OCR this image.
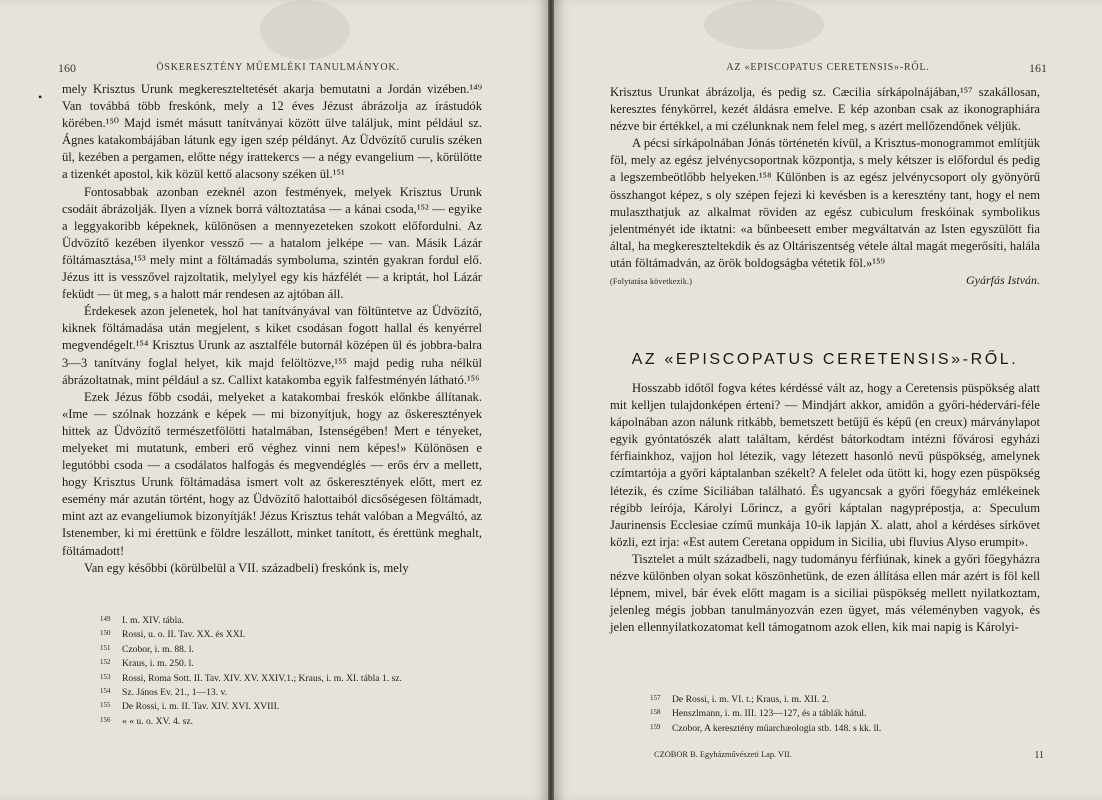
160	ÖSKERESZTÉNY MŰEMLÉKI TANULMÁNYOK.
•

mely Krisztus Urunk megkereszteltetését akarja bemutatni a Jordán vizében.¹⁴⁹ Van továbbá több freskónk, mely a 12 éves Jézust ábrázolja az írástudók körében.¹⁵⁰ Majd ismét másutt tanítványai között ülve találjuk, mint például sz. Ágnes katakombájában látunk egy igen szép példányt. Az Üdvözítő curulis széken ül, kezében a pergamen, előtte négy irattekercs — a négy evangelium —, körülötte a tizenkét apostol, kik közül kettő alacsony széken ül.¹⁵¹

Fontosabbak azonban ezeknél azon festmények, melyek Krisztus Urunk csodáit ábrázolják. Ilyen a víznek borrá változtatása — a kánai csoda,¹⁵² — egyike a leggyakoribb képeknek, különösen a mennyezeteken szokott előfordulni. Az Üdvözítő kezében ilyenkor vessző — a hatalom jelképe — van. Másik Lázár föltámasztása,¹⁵³ mely mint a föltámadás symboluma, szintén gyakran fordul elő. Jézus itt is vesszővel rajzoltatik, melylyel egy kis házfélét — a kriptát, hol Lázár feküdt — üt meg, s a halott már rendesen az ajtóban áll.

Érdekesek azon jelenetek, hol hat tanítványával van föltüntetve az Üdvözítő, kiknek föltámadása után megjelent, s kiket csodásan fogott hallal és kenyérrel megvendégelt.¹⁵⁴ Krisztus Urunk az asztalféle butornál középen ül és jobbra-balra 3—3 tanítvány foglal helyet, kik majd felöltözve,¹⁵⁵ majd pedig ruha nélkül ábrázoltatnak, mint például a sz. Callixt katakomba egyik falfestményén látható.¹⁵⁶

Ezek Jézus főbb csodái, melyeket a katakombai freskók előnkbe állítanak. «Ime — szólnak hozzánk e képek — mi bizonyítjuk, hogy az őskeresztények hittek az Üdvözítő természetfölötti hatalmában, Istenségében! Mert e tényeket, melyeket mi mutatunk, emberi erő véghez vinni nem képes!» Különösen e legutóbbi csoda — a csodálatos halfogás és megvendéglés — erős érv a mellett, hogy Krisztus Urunk föltámadása ismert volt az őskeresztények előtt, mert ez esemény már azután történt, hogy az Üdvözítő halottaiból dicsőségesen föltámadt, mint azt az evangeliumok bizonyítják! Jézus Krisztus tehát valóban a Megváltó, az Istenember, ki mi érettünk e földre leszállott, minket tanított, és érettünk meghalt, föltámadott!

Van egy későbbi (körülbelül a VII. századbeli) freskónk is, mely

149 I. m. XIV. tábla.
150 Rossi, u. o. II. Tav. XX. és XXI.
151 Czobor, i. m. 88. l.
152 Kraus, i. m. 250. l.
153 Rossi, Roma Sott. II. Tav. XIV. XV. XXIV.1.; Kraus, i. m. XI. tábla 1. sz.
154 Sz. János Ev. 21., 1—13. v.
155 De Rossi, i. m. II. Tav. XIV. XVI. XVIII.
156 « « u. o. XV. 4. sz.
AZ «EPISCOPATUS CERETENSIS»-RŐL.	161

Krisztus Urunkat ábrázolja, és pedig sz. Cæcilia sírkápolnájában,¹⁵⁷ szakállosan, keresztes fénykörrel, kezét áldásra emelve. E kép azonban csak az ikonographiára nézve bir értékkel, a mi czélunknak nem felel meg, s azért mellőzendőnek véljük.

A pécsi sírkápolnában Jónás történetén kívül, a Krisztus-monogrammot említjük föl, mely az egész jelvénycsoportnak központja, s mely kétszer is előfordul és pedig a legszembeötlőbb helyeken.¹⁵⁸ Különben is az egész jelvénycsoport oly gyönyörű összhangot képez, s oly szépen fejezi ki kevésben is a keresztény tant, hogy el nem mulaszthatjuk az alkalmat röviden az egész cubiculum freskóinak symbolikus jelentményét ide iktatni: «a bűnbeesett ember megváltatván az Isten egyszülött fia által, ha megkereszteltekdik és az Oltáriszentség vétele által magát megerősíti, halála után föltámadván, az örök boldogságba vétetik föl.»¹⁵⁹

(Folytatása következik.)	Gyárfás István.
AZ «EPISCOPATUS CERETENSIS»-RŐL.

Hosszabb időtől fogva kétes kérdéssé vált az, hogy a Ceretensis püspökség alatt mit kelljen tulajdonképen érteni? — Mindjárt akkor, amidőn a győri-hédervári-féle kápolnában azon nálunk ritkább, bemetszett betűjű és képű (en creux) márványlapot egyik gyóntatószék alatt találtam, kérdést bátorkodtam intézni fővárosi egyházi férfiainkhoz, vajjon hol létezik, vagy létezett hasonló nevű püspökség, amelynek czímtartója a győri káptalanban székelt? A felelet oda ütött ki, hogy ezen püspökség létezik, és czíme Siciliában található. És ugyancsak a győri főegyház emlékeinek régibb leírója, Károlyi Lőrincz, a győri káptalan nagyprépostja, a: Speculum Jaurinensis Ecclesiae czímű munkája 10-ik lapján X. alatt, ahol a kérdéses sírkövet közli, ezt irja: «Est autem Ceretana oppidum in Sicilia, ubi fluvius Alyso erumpit».

Tisztelet a múlt századbeli, nagy tudományu férfiúnak, kinek a győri főegyházra nézve különben olyan sokat köszönhetünk, de ezen állítása ellen már azért is föl kell lépnem, mivel, bár évek előtt magam is a siciliai püspökség mellett nyilatkoztam, jelenleg mégis jobban tanulmányozván ezen ügyet, más véleményben vagyok, és jelen ellennyilatkozatomat kell támogatnom azok ellen, kik mai napig is Károlyi-

157 De Rossi, i. m. VI. t.; Kraus, i. m. XII. 2.
158 Henszlmann, i. m. III. 123—127, és a táblák hátul.
159 Czobor, A keresztény műarchæologia stb. 148. s kk. ll.
CZOBOR B. Egyházművészeti Lap. VII.	11
